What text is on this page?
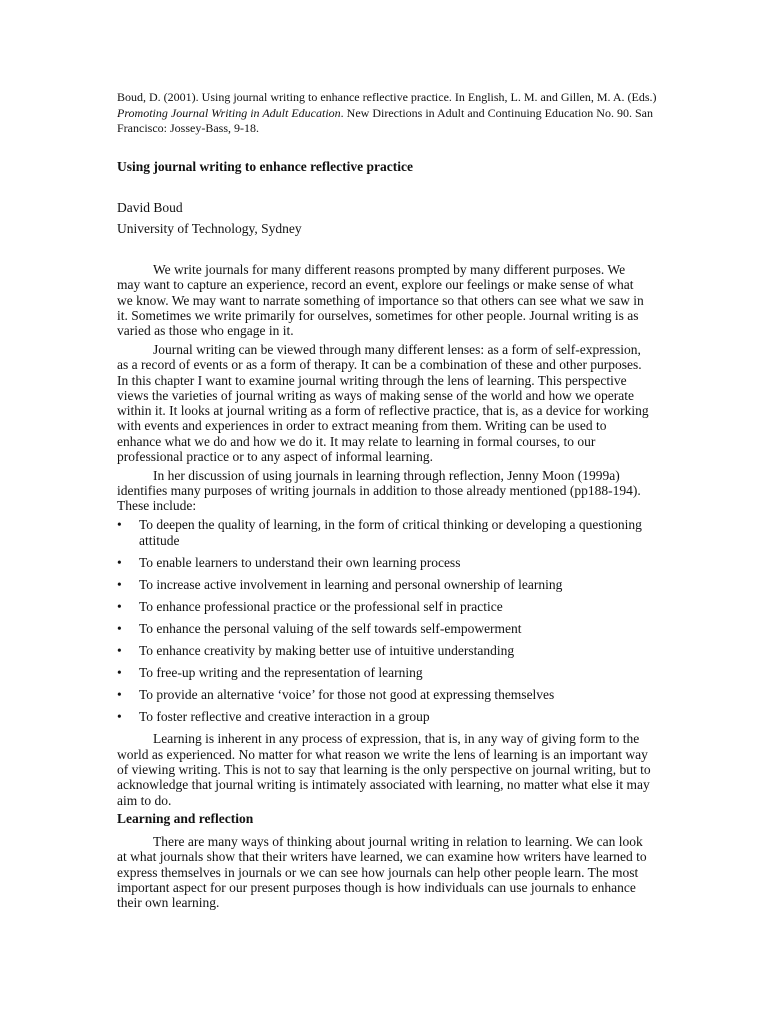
Boud, D. (2001). Using journal writing to enhance reflective practice. In English, L. M. and Gillen, M. A. (Eds.) Promoting Journal Writing in Adult Education. New Directions in Adult and Continuing Education No. 90. San Francisco: Jossey-Bass, 9-18.
Using journal writing to enhance reflective practice
David Boud
University of Technology, Sydney

We write journals for many different reasons prompted by many different purposes. We may want to capture an experience, record an event, explore our feelings or make sense of what we know. We may want to narrate something of importance so that others can see what we saw in it. Sometimes we write primarily for ourselves, sometimes for other people. Journal writing is as varied as those who engage in it.

Journal writing can be viewed through many different lenses: as a form of self-expression, as a record of events or as a form of therapy. It can be a combination of these and other purposes. In this chapter I want to examine journal writing through the lens of learning. This perspective views the varieties of journal writing as ways of making sense of the world and how we operate within it. It looks at journal writing as a form of reflective practice, that is, as a device for working with events and experiences in order to extract meaning from them. Writing can be used to enhance what we do and how we do it. It may relate to learning in formal courses, to our professional practice or to any aspect of informal learning.

In her discussion of using journals in learning through reflection, Jenny Moon (1999a) identifies many purposes of writing journals in addition to those already mentioned (pp188-194). These include:

•	To deepen the quality of learning, in the form of critical thinking or developing a questioning attitude
•	To enable learners to understand their own learning process
•	To increase active involvement in learning and personal ownership of learning
•	To enhance professional practice or the professional self in practice
•	To enhance the personal valuing of the self towards self-empowerment
•	To enhance creativity by making better use of intuitive understanding
•	To free-up writing and the representation of learning
•	To provide an alternative ‘voice’ for those not good at expressing themselves
•	To foster reflective and creative interaction in a group

Learning is inherent in any process of expression, that is, in any way of giving form to the world as experienced. No matter for what reason we write the lens of learning is an important way of viewing writing. This is not to say that learning is the only perspective on journal writing, but to acknowledge that journal writing is intimately associated with learning, no matter what else it may aim to do.

Learning and reflection

There are many ways of thinking about journal writing in relation to learning. We can look at what journals show that their writers have learned, we can examine how writers have learned to express themselves in journals or we can see how journals can help other people learn. The most important aspect for our present purposes though is how individuals can use journals to enhance their own learning.
